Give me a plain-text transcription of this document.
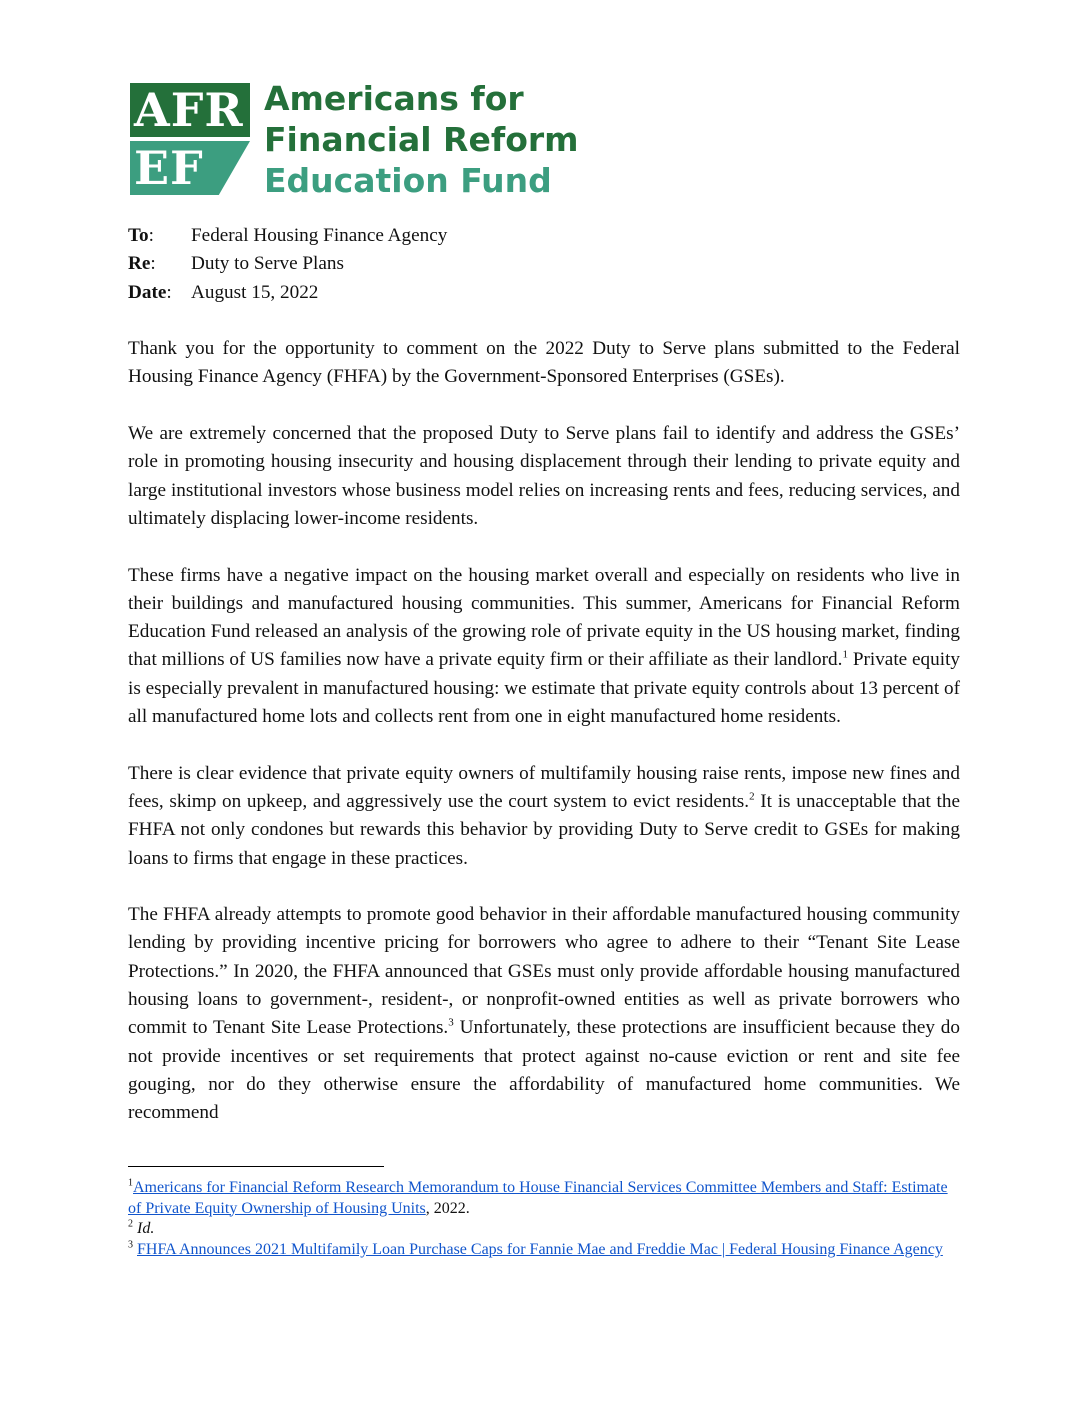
AFR
EF
Americans for
Financial Reform
Education Fund
To:	Federal Housing Finance Agency
Re:	Duty to Serve Plans
Date:	August 15, 2022

Thank you for the opportunity to comment on the 2022 Duty to Serve plans submitted to the Federal Housing Finance Agency (FHFA) by the Government-Sponsored Enterprises (GSEs).

We are extremely concerned that the proposed Duty to Serve plans fail to identify and address the GSEs’ role in promoting housing insecurity and housing displacement through their lending to private equity and large institutional investors whose business model relies on increasing rents and fees, reducing services, and ultimately displacing lower-income residents.

These firms have a negative impact on the housing market overall and especially on residents who live in their buildings and manufactured housing communities. This summer, Americans for Financial Reform Education Fund released an analysis of the growing role of private equity in the US housing market, finding that millions of US families now have a private equity firm or their affiliate as their landlord.$^1$ Private equity is especially prevalent in manufactured housing: we estimate that private equity controls about 13 percent of all manufactured home lots and collects rent from one in eight manufactured home residents.

There is clear evidence that private equity owners of multifamily housing raise rents, impose new fines and fees, skimp on upkeep, and aggressively use the court system to evict residents.$^2$ It is unacceptable that the FHFA not only condones but rewards this behavior by providing Duty to Serve credit to GSEs for making loans to firms that engage in these practices.

The FHFA already attempts to promote good behavior in their affordable manufactured housing community lending by providing incentive pricing for borrowers who agree to adhere to their “Tenant Site Lease Protections.” In 2020, the FHFA announced that GSEs must only provide affordable housing manufactured housing loans to government-, resident-, or nonprofit-owned entities as well as private borrowers who commit to Tenant Site Lease Protections.$^3$ Unfortunately, these protections are insufficient because they do not provide incentives or set requirements that protect against no-cause eviction or rent and site fee gouging, nor do they otherwise ensure the affordability of manufactured home communities. We recommend

$^1$Americans for Financial Reform Research Memorandum to House Financial Services Committee Members and Staff: Estimate of Private Equity Ownership of Housing Units, 2022.
$^2$ Id.
$^3$ FHFA Announces 2021 Multifamily Loan Purchase Caps for Fannie Mae and Freddie Mac | Federal Housing Finance Agency
